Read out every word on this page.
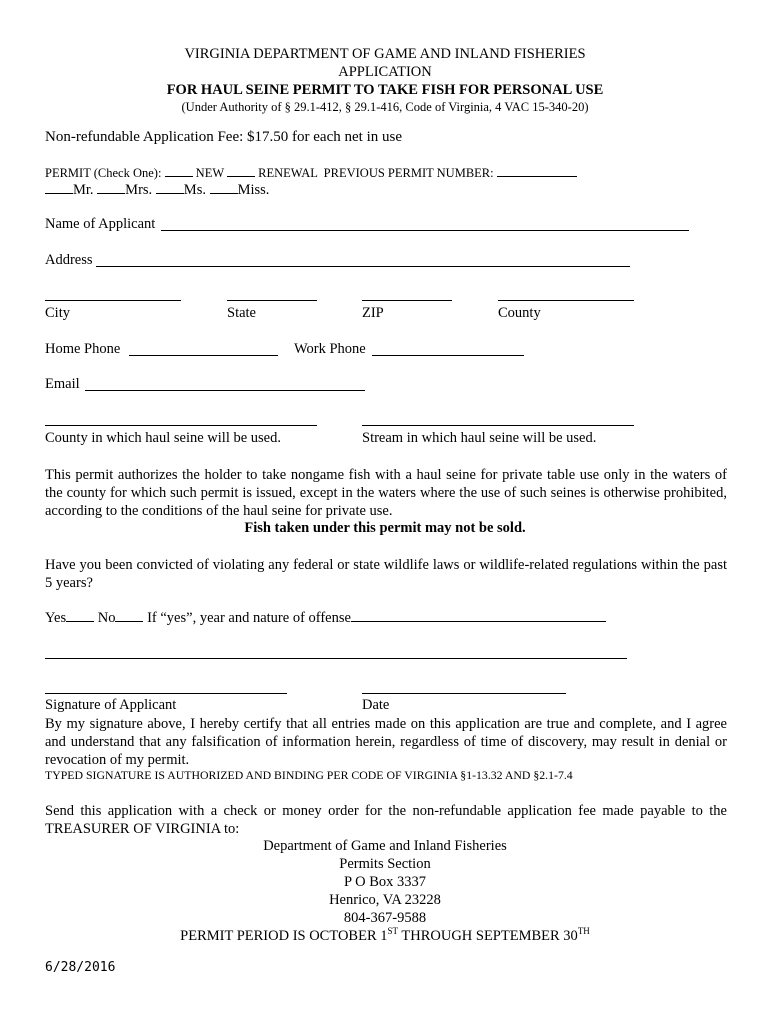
VIRGINIA DEPARTMENT OF GAME AND INLAND FISHERIES
APPLICATION
FOR HAUL SEINE PERMIT TO TAKE FISH FOR PERSONAL USE
(Under Authority of § 29.1-412, § 29.1-416, Code of Virginia, 4 VAC 15-340-20)
Non-refundable Application Fee: $17.50 for each net in use
PERMIT (Check One):	NEW	RENEWAL PREVIOUS PERMIT NUMBER:
Mr. Mrs. Ms. Miss.
Name of Applicant
Address
City	State	ZIP	County
Home Phone	Work Phone
Email
County in which haul seine will be used.	Stream in which haul seine will be used.
This permit authorizes the holder to take nongame fish with a haul seine for private table use only in the waters of the county for which such permit is issued, except in the waters where the use of such seines is otherwise prohibited, according to the conditions of the haul seine for private use.
Fish taken under this permit may not be sold.
Have you been convicted of violating any federal or state wildlife laws or wildlife-related regulations within the past 5 years?
Yes No If “yes”, year and nature of offense
Signature of Applicant	Date
By my signature above, I hereby certify that all entries made on this application are true and complete, and I agree and understand that any falsification of information herein, regardless of time of discovery, may result in denial or revocation of my permit.
TYPED SIGNATURE IS AUTHORIZED AND BINDING PER CODE OF VIRGINIA §1-13.32 AND §2.1-7.4
Send this application with a check or money order for the non-refundable application fee made payable to the TREASURER OF VIRGINIA to:
Department of Game and Inland Fisheries
Permits Section
P O Box 3337
Henrico, VA 23228
804-367-9588
PERMIT PERIOD IS OCTOBER 1ST THROUGH SEPTEMBER 30TH
6/28/2016
